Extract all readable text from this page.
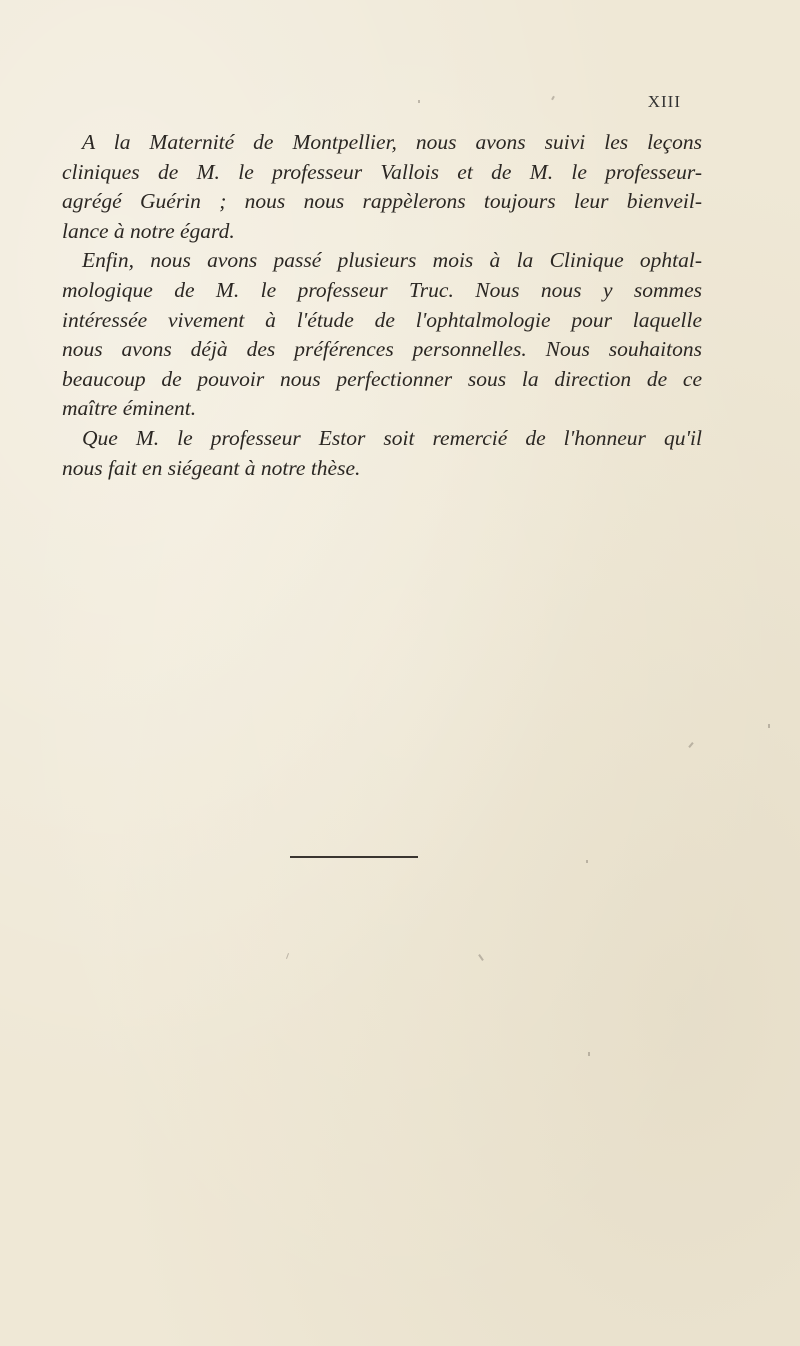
XIII

A la Maternité de Montpellier, nous avons suivi les leçons
cliniques de M. le professeur Vallois et de M. le professeur-
agrégé Guérin ; nous nous rappèlerons toujours leur bienveil-
lance à notre égard.

Enfin, nous avons passé plusieurs mois à la Clinique ophtal-
mologique de M. le professeur Truc. Nous nous y sommes
intéressée vivement à l'étude de l'ophtalmologie pour laquelle
nous avons déjà des préférences personnelles. Nous souhaitons
beaucoup de pouvoir nous perfectionner sous la direction de ce
maître éminent.

Que M. le professeur Estor soit remercié de l'honneur qu'il
nous fait en siégeant à notre thèse.
